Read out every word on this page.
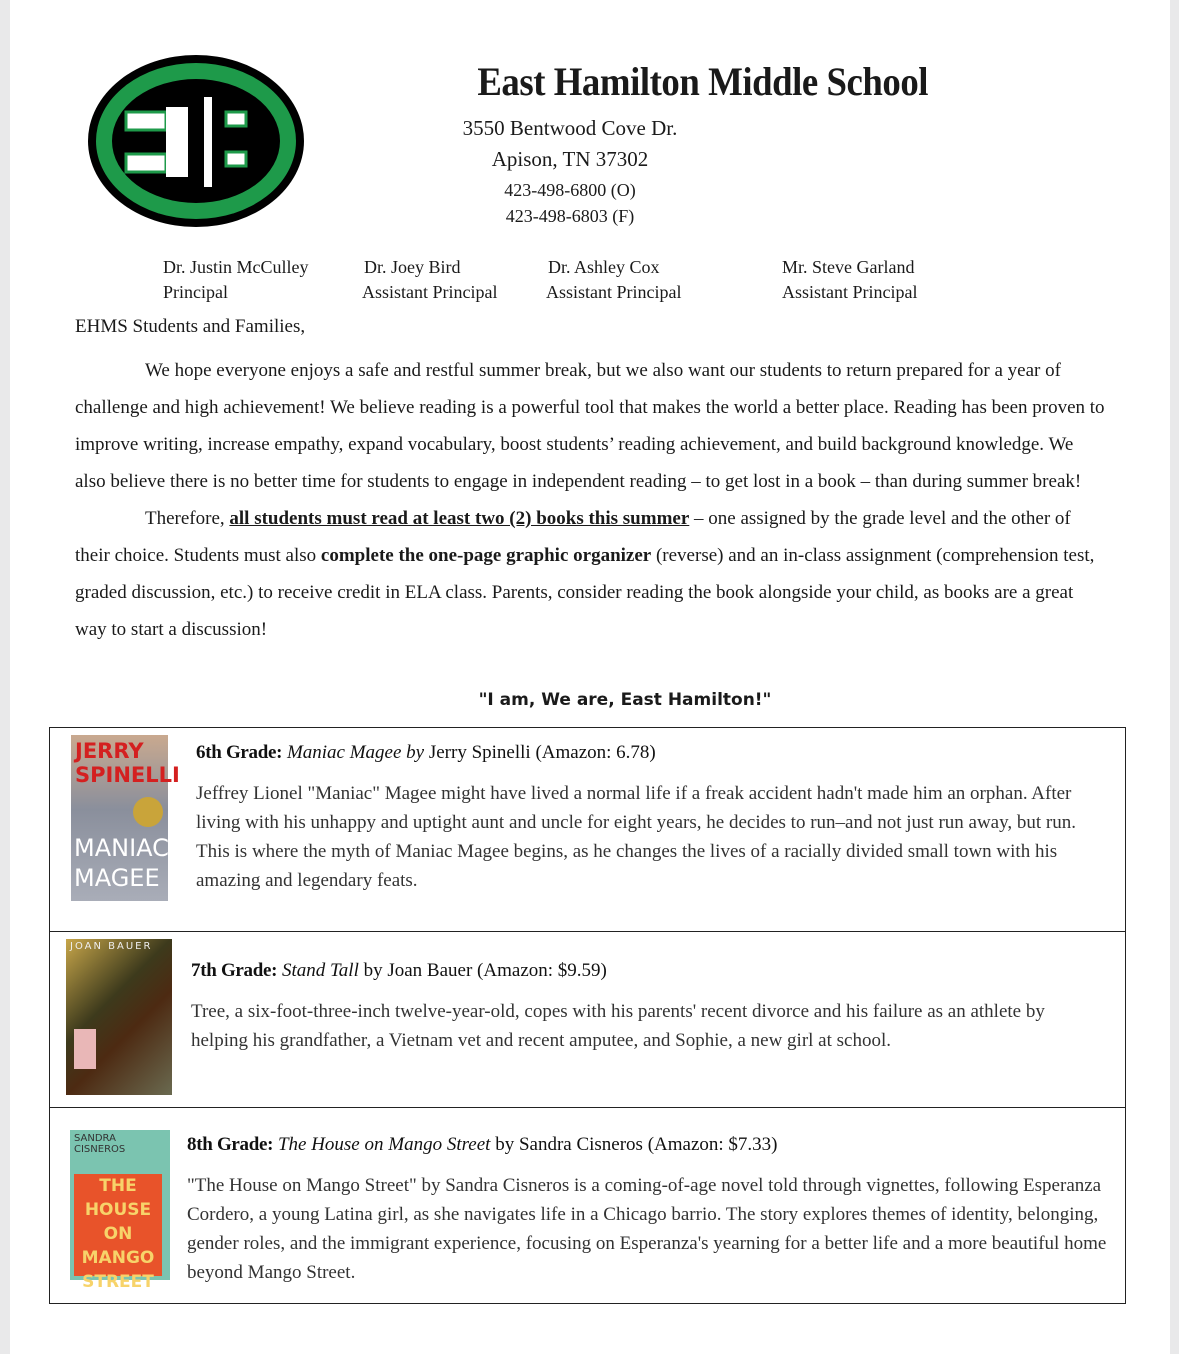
East Hamilton Middle School
3550 Bentwood Cove Dr.
Apison, TN 37302
423-498-6800 (O)
423-498-6803 (F)
Dr. Justin McCulley
Principal
Dr. Joey Bird
Assistant Principal
Dr. Ashley Cox
Assistant Principal
Mr. Steve Garland
Assistant Principal
EHMS Students and Families,

We hope everyone enjoys a safe and restful summer break, but we also want our students to return prepared for a year of challenge and high achievement! We believe reading is a powerful tool that makes the world a better place. Reading has been proven to improve writing, increase empathy, expand vocabulary, boost students’ reading achievement, and build background knowledge. We also believe there is no better time for students to engage in independent reading – to get lost in a book – than during summer break!

Therefore, all students must read at least two (2) books this summer – one assigned by the grade level and the other of their choice. Students must also complete the one-page graphic organizer (reverse) and an in-class assignment (comprehension test, graded discussion, etc.) to receive credit in ELA class. Parents, consider reading the book alongside your child, as books are a great way to start a discussion!

"I am, We are, East Hamilton!"
JERRY SPINELLI
MANIAC MAGEE
6th Grade: Maniac Magee by Jerry Spinelli (Amazon: 6.78)
Jeffrey Lionel "Maniac" Magee might have lived a normal life if a freak accident hadn't made him an orphan. After living with his unhappy and uptight aunt and uncle for eight years, he decides to run–and not just run away, but run. This is where the myth of Maniac Magee begins, as he changes the lives of a racially divided small town with his amazing and legendary feats.
JOAN BAUER
7th Grade: Stand Tall by Joan Bauer (Amazon: $9.59)
Tree, a six-foot-three-inch twelve-year-old, copes with his parents' recent divorce and his failure as an athlete by helping his grandfather, a Vietnam vet and recent amputee, and Sophie, a new girl at school.
SANDRA CISNEROS
THE HOUSE ON MANGO STREET
8th Grade: The House on Mango Street by Sandra Cisneros (Amazon: $7.33)
"The House on Mango Street" by Sandra Cisneros is a coming-of-age novel told through vignettes, following Esperanza Cordero, a young Latina girl, as she navigates life in a Chicago barrio. The story explores themes of identity, belonging, gender roles, and the immigrant experience, focusing on Esperanza's yearning for a better life and a more beautiful home beyond Mango Street.
